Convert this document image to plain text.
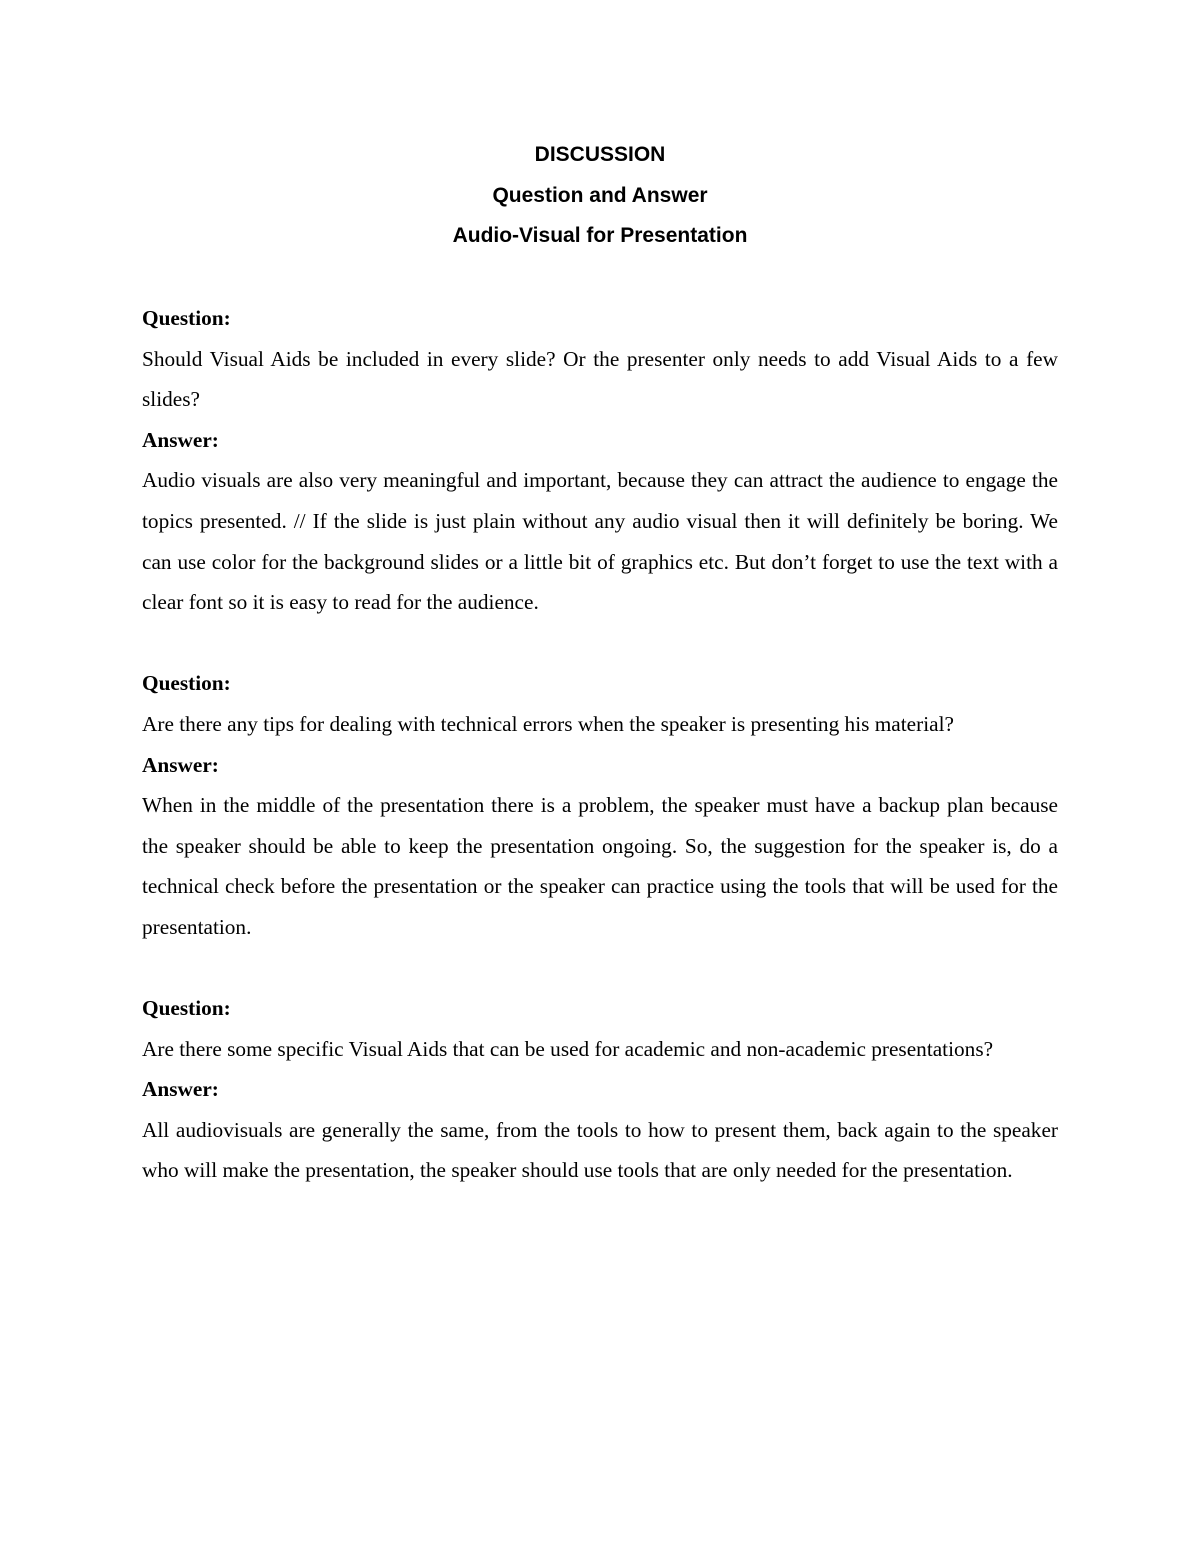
DISCUSSION
Question and Answer
Audio-Visual for Presentation
Question:

Should Visual Aids be included in every slide? Or the presenter only needs to add Visual Aids to a few slides?

Answer:

Audio visuals are also very meaningful and important, because they can attract the audience to engage the topics presented. // If the slide is just plain without any audio visual then it will definitely be boring. We can use color for the background slides or a little bit of graphics etc. But don’t forget to use the text with a clear font so it is easy to read for the audience.

Question:

Are there any tips for dealing with technical errors when the speaker is presenting his material?

Answer:

When in the middle of the presentation there is a problem, the speaker must have a backup plan because the speaker should be able to keep the presentation ongoing. So, the suggestion for the speaker is, do a technical check before the presentation or the speaker can practice using the tools that will be used for the presentation.

Question:

Are there some specific Visual Aids that can be used for academic and non-academic presentations?

Answer:

All audiovisuals are generally the same, from the tools to how to present them, back again to the speaker who will make the presentation, the speaker should use tools that are only needed for the presentation.
